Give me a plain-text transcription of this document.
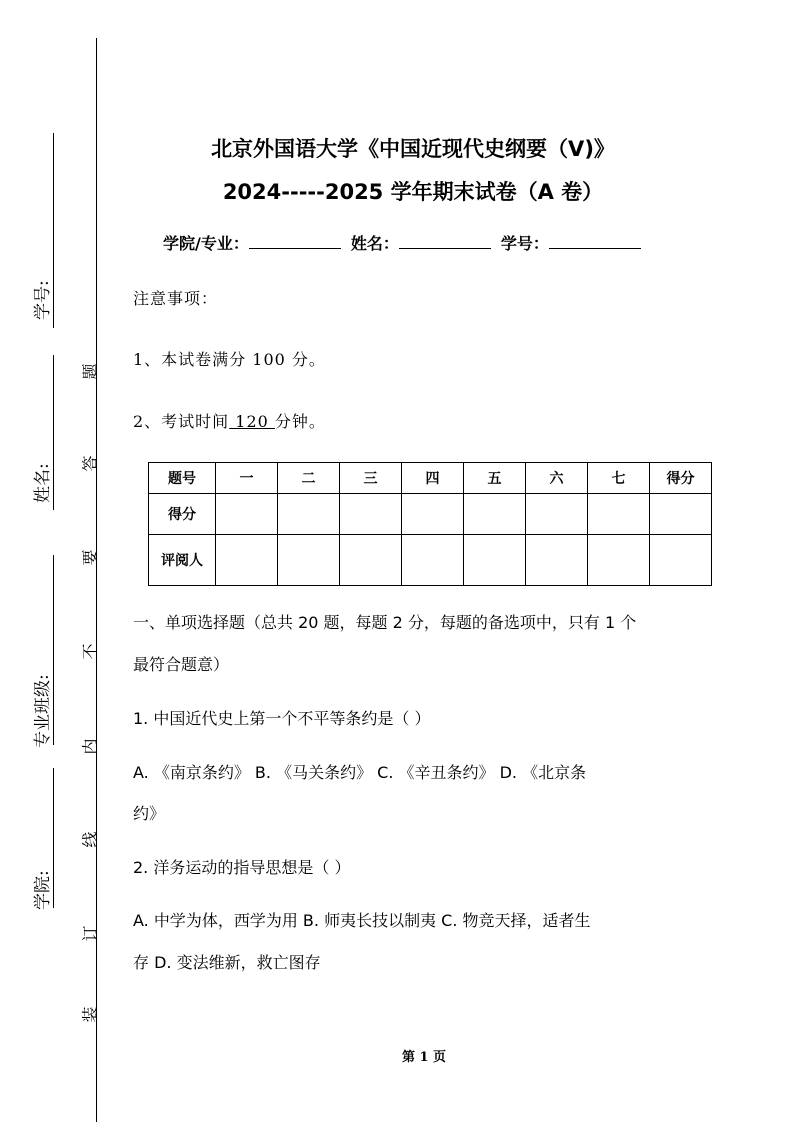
学号:
姓名:
专业班级:
学院:
题
答
要
不
内
线
订
装
北京外国语大学《中国近现代史纲要（V)》
2024-----2025 学年期末试卷（A 卷）
学院/专业：	姓名：	学号：
注意事项：
1、本试卷满分 100 分。
2、考试时间 120 分钟。
题号	一	二	三	四	五	六	七	得分
得分								
评阅人								
一、单项选择题（总共 20 题，每题 2 分，每题的备选项中，只有 1 个
最符合题意）
1. 中国近代史上第一个不平等条约是（ ）
A. 《南京条约》 B. 《马关条约》 C. 《辛丑条约》 D. 《北京条
约》
2. 洋务运动的指导思想是（ ）
A. 中学为体，西学为用 B. 师夷长技以制夷 C. 物竞天择，适者生
存 D. 变法维新，救亡图存
第 1 页
